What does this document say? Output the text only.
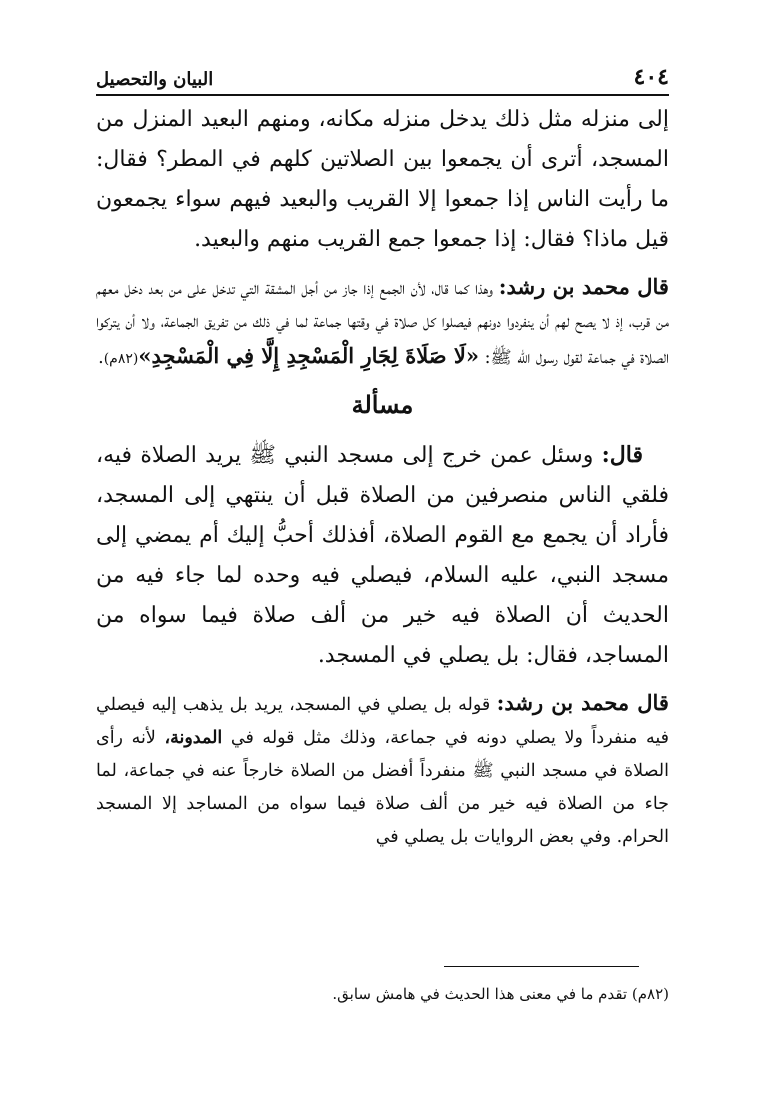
٤٠٤
البيان والتحصيل

إلى منزله مثل ذلك يدخل منزله مكانه، ومنهم البعيد المنزل من المسجد، أترى أن يجمعوا بين الصلاتين كلهم في المطر؟ فقال: ما رأيت الناس إذا جمعوا إلا القريب والبعيد فيهم سواء يجمعون قيل ماذا؟ فقال: إذا جمعوا جمع القريب منهم والبعيد.

قال محمد بن رشد: وهذا كما قال، لأن الجمع إذا جاز من أجل المشقة التي تدخل على من بعد دخل معهم من قرب، إذ لا يصح لهم أن ينفردوا دونهم فيصلوا كل صلاة في وقتها جماعة لما في ذلك من تفريق الجماعة، ولا أن يتركوا الصلاة في جماعة لقول رسول الله ﷺ: «لَا صَلَاةَ لِجَارِ الْمَسْجِدِ إِلَّا فِي الْمَسْجِدِ»(٨٢م).

مسألة

قال: وسئل عمن خرج إلى مسجد النبي ﷺ يريد الصلاة فيه، فلقي الناس منصرفين من الصلاة قبل أن ينتهي إلى المسجد، فأراد أن يجمع مع القوم الصلاة، أفذلك أحبُّ إليك أم يمضي إلى مسجد النبي، عليه السلام، فيصلي فيه وحده لما جاء فيه من الحديث أن الصلاة فيه خير من ألف صلاة فيما سواه من المساجد، فقال: بل يصلي في المسجد.

قال محمد بن رشد: قوله بل يصلي في المسجد، يريد بل يذهب إليه فيصلي فيه منفرداً ولا يصلي دونه في جماعة، وذلك مثل قوله في المدونة، لأنه رأى الصلاة في مسجد النبي ﷺ منفرداً أفضل من الصلاة خارجاً عنه في جماعة، لما جاء من الصلاة فيه خير من ألف صلاة فيما سواه من المساجد إلا المسجد الحرام. وفي بعض الروايات بل يصلي في

(٨٢م) تقدم ما في معنى هذا الحديث في هامش سابق.
